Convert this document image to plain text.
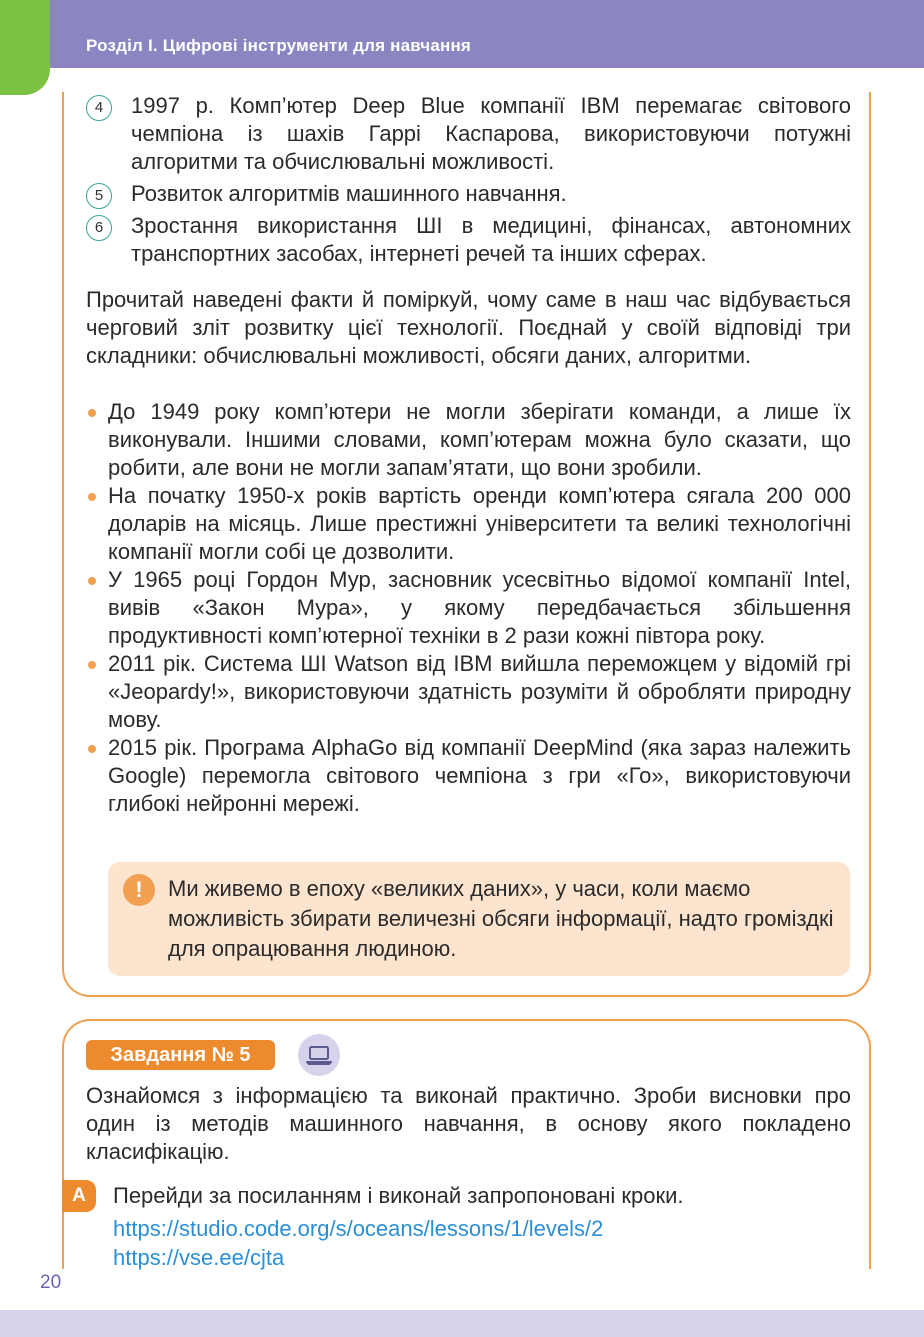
Розділ I. Цифрові інструменти для навчання
4	1997 р. Комп’ютер Deep Blue компанії IBM перемагає світового чемпіона із шахів Гаррі Каспарова, використовуючи потужні алгоритми та обчислювальні можливості.
5	Розвиток алгоритмів машинного навчання.
6	Зростання використання ШІ в медицині, фінансах, автономних транспортних засобах, інтернеті речей та інших сферах.
Прочитай наведені факти й поміркуй, чому саме в наш час відбувається черговий зліт розвитку цієї технології. Поєднай у своїй відповіді три складники: обчислювальні можливості, обсяги даних, алгоритми.
До 1949 року комп’ютери не могли зберігати команди, а лише їх виконували. Іншими словами, комп’ютерам можна було сказати, що робити, але вони не могли запам’ятати, що вони зробили.
На початку 1950-х років вартість оренди комп’ютера сягала 200 000 доларів на місяць. Лише престижні університети та великі технологічні компанії могли собі це дозволити.
У 1965 році Гордон Мур, засновник усесвітньо відомої компанії Intel, вивів «Закон Мура», у якому передбачається збільшення продуктивності комп’ютерної техніки в 2 рази кожні півтора року.
2011 рік. Система ШІ Watson від IBM вийшла переможцем у відомій грі «Jeopardy!», використовуючи здатність розуміти й обробляти природну мову.
2015 рік. Програма AlphaGo від компанії DeepMind (яка зараз належить Google) перемогла світового чемпіона з гри «Го», використовуючи глибокі нейронні мережі.
!	Ми живемо в епоху «великих даних», у часи, коли маємо можливість збирати величезні обсяги інформації, надто громіздкі для опрацювання людиною.
Завдання № 5
Ознайомся з інформацією та виконай практично. Зроби висновки про один із методів машинного навчання, в основу якого покладено класифікацію.
А	Перейди за посиланням і виконай запропоновані кроки.
https://studio.code.org/s/oceans/lessons/1/levels/2
https://vse.ee/cjta
20
